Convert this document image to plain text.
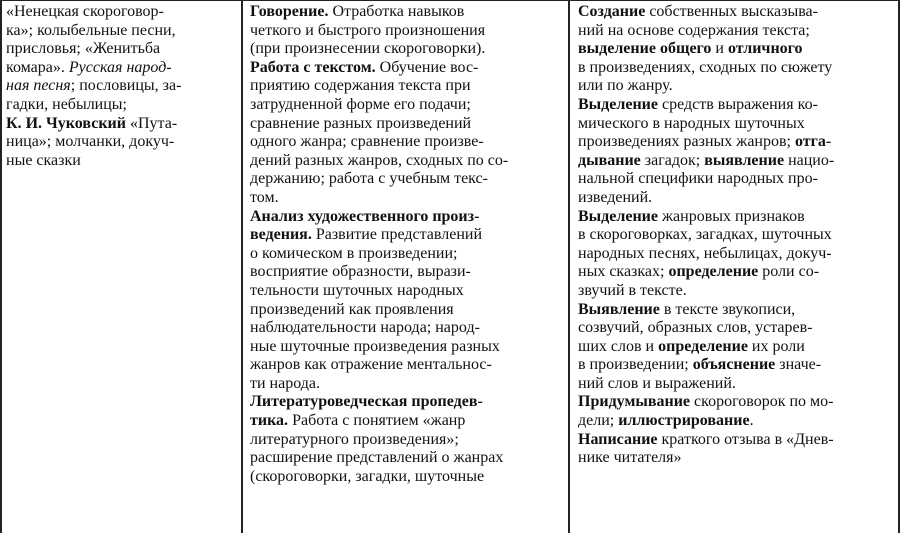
«Ненецкая скороговор-
ка»; колыбельные песни,
присловья; «Женитьба
комара». Русская народ-
ная песня; пословицы, за-
гадки, небылицы;
К. И. Чуковский «Пута-
ница»; молчанки, докуч-
ные сказки
Говорение. Отработка навыков
четкого и быстрого произношения
(при произнесении скороговорки).
Работа с текстом. Обучение вос-
приятию содержания текста при
затрудненной форме его подачи;
сравнение разных произведений
одного жанра; сравнение произве-
дений разных жанров, сходных по со-
держанию; работа с учебным текс-
том.
Анализ художественного произ-
ведения. Развитие представлений
о комическом в произведении;
восприятие образности, вырази-
тельности шуточных народных
произведений как проявления
наблюдательности народа; народ-
ные шуточные произведения разных
жанров как отражение ментальнос-
ти народа.
Литературоведческая пропедев-
тика. Работа с понятием «жанр
литературного произведения»;
расширение представлений о жанрах
(скороговорки, загадки, шуточные
Создание собственных высказыва-
ний на основе содержания текста;
выделение общего и отличного
в произведениях, сходных по сюжету
или по жанру.
Выделение средств выражения ко-
мического в народных шуточных
произведениях разных жанров; отга-
дывание загадок; выявление нацио-
нальной специфики народных про-
изведений.
Выделение жанровых признаков
в скороговорках, загадках, шуточных
народных песнях, небылицах, докуч-
ных сказках; определение роли со-
звучий в тексте.
Выявление в тексте звукописи,
созвучий, образных слов, устарев-
ших слов и определение их роли
в произведении; объяснение значе-
ний слов и выражений.
Придумывание скороговорок по мо-
дели; иллюстрирование.
Написание краткого отзыва в «Днев-
нике читателя»
